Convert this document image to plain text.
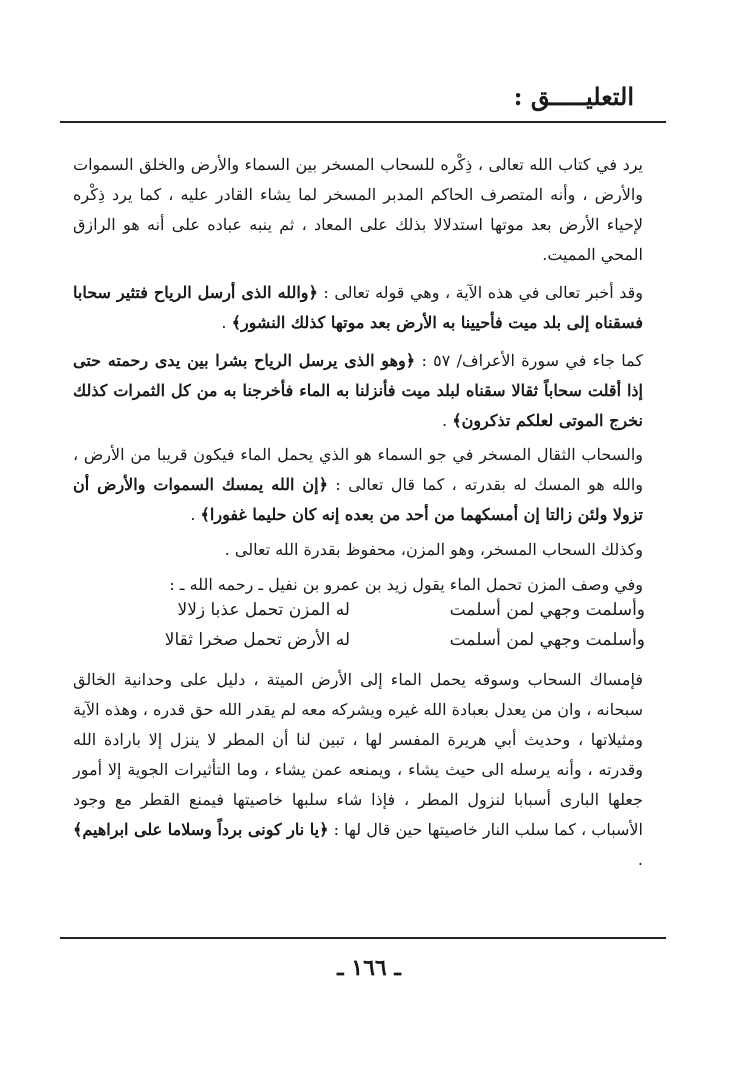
التعليـــــق :
يرد في كتاب الله تعالى ، ذِكْره للسحاب المسخر بين السماء والأرض والخلق السموات والأرض ، وأنه المتصرف الحاكم المدبر المسخر لما يشاء القادر عليه ، كما يرد ذِكْره لإحياء الأرض بعد موتها استدلالا بذلك على المعاد ، ثم ينبه عباده على أنه هو الرازق المحي المميت.
وقد أخبر تعالى في هذه الآية ، وهي قوله تعالى : ﴿والله الذى أرسل الرياح فتثير سحابا فسقناه إلى بلد ميت فأحيينا به الأرض بعد موتها كذلك النشور﴾ .
كما جاء في سورة الأعراف/ ٥٧ : ﴿وهو الذى يرسل الرياح بشرا بين يدى رحمته حتى إذا أقلت سحاباً ثقالا سقناه لبلد ميت فأنزلنا به الماء فأخرجنا به من كل الثمرات كذلك نخرج الموتى لعلكم تذكرون﴾ .
والسحاب الثقال المسخر في جو السماء هو الذي يحمل الماء فيكون قريبا من الأرض ، والله هو المسك له بقدرته ، كما قال تعالى : ﴿إن الله يمسك السموات والأرض أن تزولا ولئن زالتا إن أمسكهما من أحد من بعده إنه كان حليما غفورا﴾ .
وكذلك السحاب المسخر، وهو المزن، محفوظ بقدرة الله تعالى .
وفي وصف المزن تحمل الماء يقول زيد بن عمرو بن نفيل ـ رحمه الله ـ :
وأسلمت وجهي لمن أسلمت
له المزن تحمل عذبا زلالا
وأسلمت وجهي لمن أسلمت
له الأرض تحمل صخرا ثقالا
فإمساك السحاب وسوقه يحمل الماء إلى الأرض الميتة ، دليل على وحدانية الخالق سبحانه ، وان من يعدل بعبادة الله غيره ويشركه معه لم يقدر الله حق قدره ، وهذه الآية ومثيلاتها ، وحديث أبي هريرة المفسر لها ، تبين لنا أن المطر لا ينزل إلا بارادة الله وقدرته ، وأنه يرسله الى حيث يشاء ، ويمنعه عمن يشاء ، وما التأثيرات الجوية إلا أمور جعلها البارى أسبابا لنزول المطر ، فإذا شاء سلبها خاصيتها فيمنع القطر مع وجود الأسباب ، كما سلب النار خاصيتها حين قال لها : ﴿يا نار كونى برداً وسلاما على ابراهيم﴾ .
ـ ١٦٦ ـ
